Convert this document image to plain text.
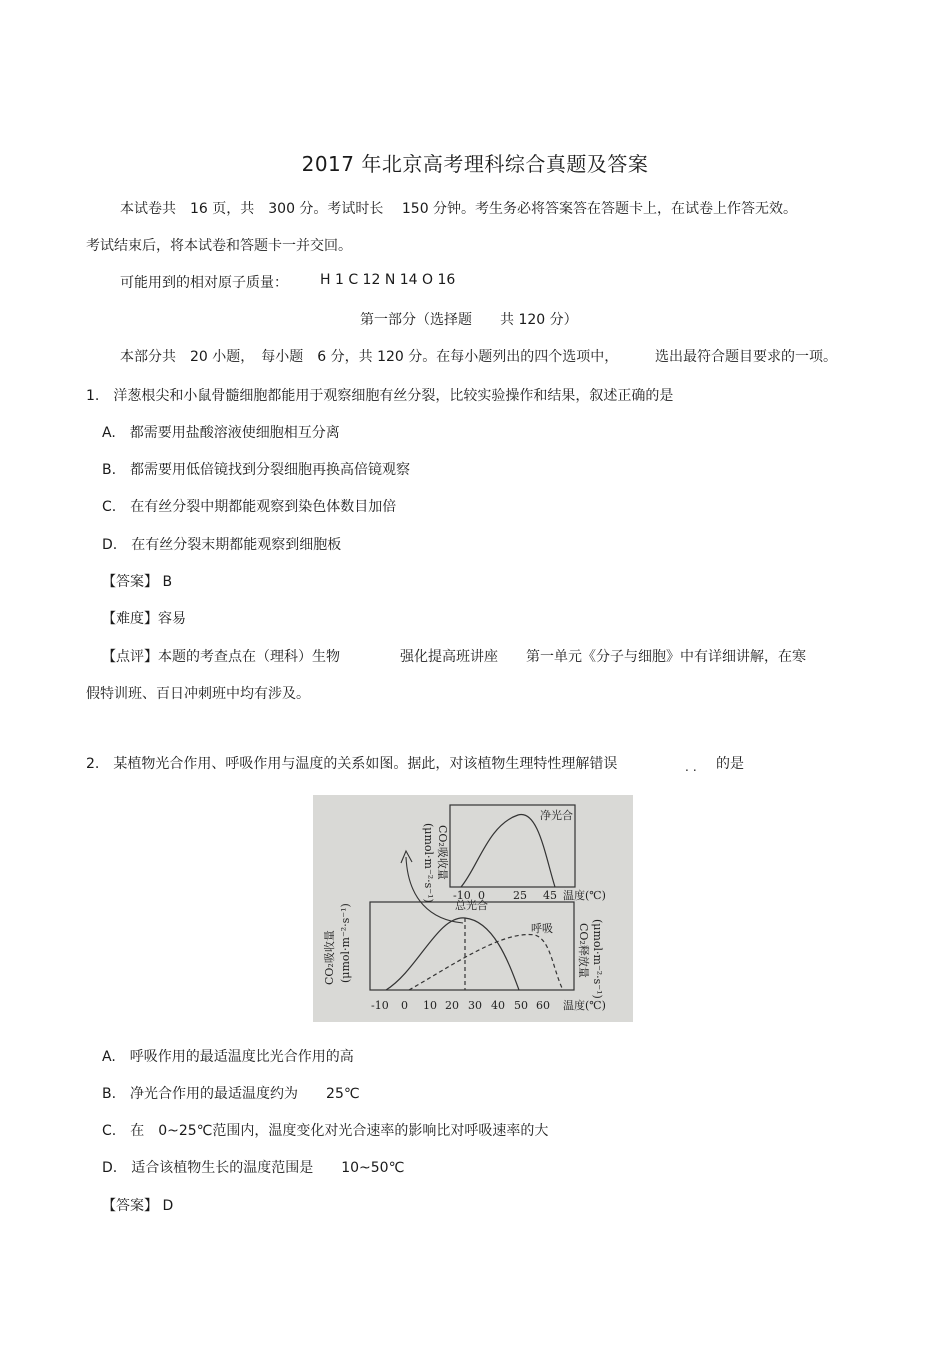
2017 年北京高考理科综合真题及答案
本试卷共　16 页，共　300 分。考试时长　 150 分钟。考生务必将答案答在答题卡上，在试卷上作答无效。
考试结束后，将本试卷和答题卡一并交回。
可能用到的相对原子质量： H 1 C 12 N 14 O 16
第一部分（选择题　　共 120 分）
本部分共　20 小题，　每小题　6 分，共 120 分。在每小题列出的四个选项中，	选出最符合题目要求的一项。
1.　洋葱根尖和小鼠骨髓细胞都能用于观察细胞有丝分裂，比较实验操作和结果，叙述正确的是
A.　都需要用盐酸溶液使细胞相互分离
B.　都需要用低倍镜找到分裂细胞再换高倍镜观察
C.　在有丝分裂中期都能观察到染色体数目加倍
D.　在有丝分裂末期都能观察到细胞板
【答案】 B
【难度】容易
【点评】本题的考查点在（理科）生物	强化提高班讲座 第一单元《分子与细胞》中有详细讲解，在寒
假特训班、百日冲刺班中均有涉及。
2.　某植物光合作用、呼吸作用与温度的关系如图。据此，对该植物生理特性理解错误	.. 的是
净光合
CO₂吸收量
(μmol·m⁻²·s⁻¹) -10 0	25 45 温度(℃)
总光合
呼吸
CO₂吸收量 (μmol·m⁻²·s⁻¹)	CO₂释放量 (μmol·m⁻²·s⁻¹)
-10 0 10 20 30 40 50 60 温度(℃)
A.　呼吸作用的最适温度比光合作用的高
B.　净光合作用的最适温度约为　　25℃
C.　在　0~25℃范围内，温度变化对光合速率的影响比对呼吸速率的大
D.　适合该植物生长的温度范围是　　10~50℃
【答案】 D
